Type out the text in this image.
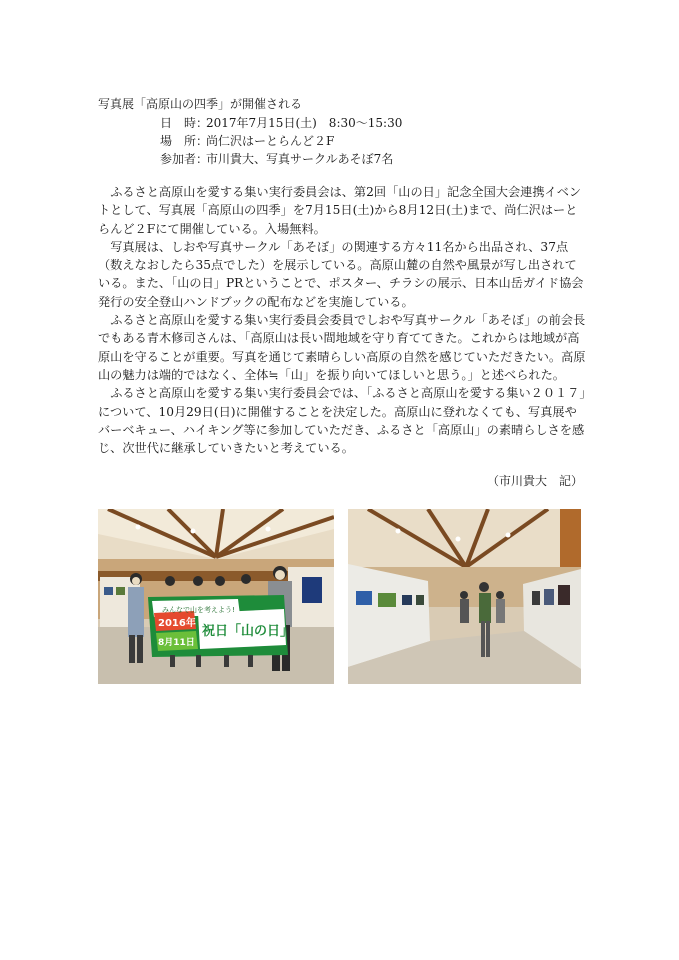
写真展「高原山の四季」が開催される
日　時：2017年7月15日(土)　8:30～15:30
場　所：尚仁沢はーとらんど２F
参加者：市川貴大、写真サークルあそぼ7名

ふるさと高原山を愛する集い実行委員会は、第2回「山の日」記念全国大会連携イベントとして、写真展「高原山の四季」を7月15日(土)から8月12日(土)まで、尚仁沢はーとらんど２Fにて開催している。入場無料。

写真展は、しおや写真サークル「あそぼ」の関連する方々11名から出品され、37点（数えなおしたら35点でした）を展示している。高原山麓の自然や風景が写し出されている。また、「山の日」PRということで、ポスター、チラシの展示、日本山岳ガイド協会発行の安全登山ハンドブックの配布などを実施している。

ふるさと高原山を愛する集い実行委員会委員でしおや写真サークル「あそぼ」の前会長でもある青木修司さんは、「高原山は長い間地域を守り育ててきた。これからは地域が高原山を守ることが重要。写真を通じて素晴らしい高原の自然を感じていただきたい。高原山の魅力は端的ではなく、全体≒「山」を振り向いてほしいと思う。」と述べられた。

ふるさと高原山を愛する集い実行委員会では、「ふるさと高原山を愛する集い２０１７」について、10月29日(日)に開催することを決定した。高原山に登れなくても、写真展やバーベキュー、ハイキング等に参加していただき、ふるさと「高原山」の素晴らしさを感じ、次世代に継承していきたいと考えている。

（市川貴大　記）
2016年
8月11日
みんなで山を考えよう!
祝日「山の日」
